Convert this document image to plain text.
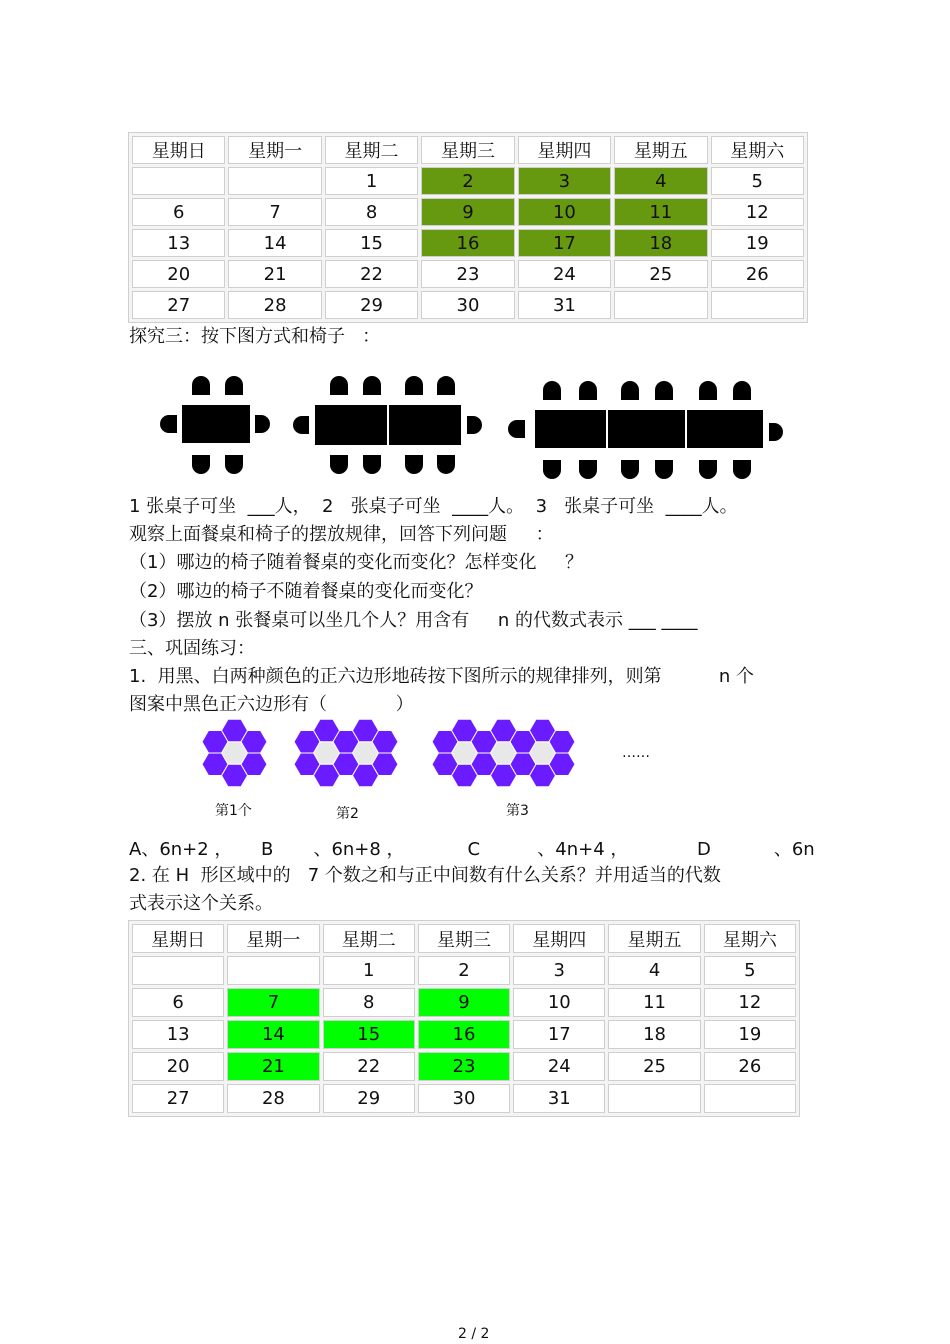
星期日	星期一	星期二	星期三	星期四	星期五	星期六
		1	2	3	4	5
6	7	8	9	10	11	12
13	14	15	16	17	18	19
20	21	22	23	24	25	26
27	28	29	30	31		
探究三：按下图方式和椅子   ：
1 张桌子可坐  ___人，  2   张桌子可坐  ____人。  3   张桌子可坐  ____人。
观察上面餐桌和椅子的摆放规律，回答下列问题     ：
（1）哪边的椅子随着餐桌的变化而变化？怎样变化     ？
（2）哪边的椅子不随着餐桌的变化而变化？
（3）摆放 n 张餐桌可以坐几个人？用含有     n 的代数式表示 ___ ____
三、巩固练习：
1.  用黑、白两种颜色的正六边形地砖按下图所示的规律排列，则第          n 个
图案中黑色正六边形有（            ）
……
第1个	第2	第3
A、6n+2 ，     B       、6n+8 ，           C          、4n+4 ，            D           、6n
2. 在 H  形区域中的   7 个数之和与正中间数有什么关系？并用适当的代数
式表示这个关系。
星期日	星期一	星期二	星期三	星期四	星期五	星期六
		1	2	3	4	5
6	7	8	9	10	11	12
13	14	15	16	17	18	19
20	21	22	23	24	25	26
27	28	29	30	31		
2 / 2
